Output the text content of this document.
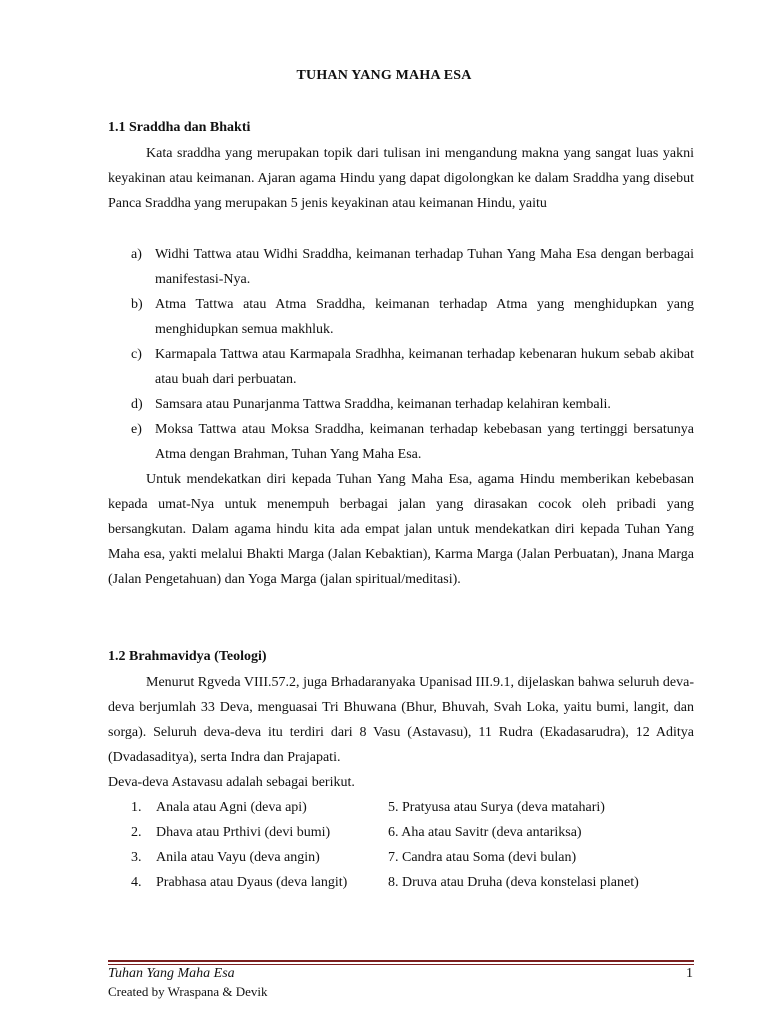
TUHAN YANG MAHA ESA
1.1 Sraddha dan Bhakti

Kata sraddha yang merupakan topik dari tulisan ini mengandung makna yang sangat luas yakni keyakinan atau keimanan. Ajaran agama Hindu yang dapat digolongkan ke dalam Sraddha yang disebut Panca Sraddha yang merupakan 5 jenis keyakinan atau keimanan Hindu, yaitu

a) Widhi Tattwa atau Widhi Sraddha, keimanan terhadap Tuhan Yang Maha Esa dengan berbagai manifestasi-Nya.
b) Atma Tattwa atau Atma Sraddha, keimanan terhadap Atma yang menghidupkan yang menghidupkan semua makhluk.
c) Karmapala Tattwa atau Karmapala Sradhha, keimanan terhadap kebenaran hukum sebab akibat atau buah dari perbuatan.
d) Samsara atau Punarjanma Tattwa Sraddha, keimanan terhadap kelahiran kembali.
e) Moksa Tattwa atau Moksa Sraddha, keimanan terhadap kebebasan yang tertinggi bersatunya Atma dengan Brahman, Tuhan Yang Maha Esa.

Untuk mendekatkan diri kepada Tuhan Yang Maha Esa, agama Hindu memberikan kebebasan kepada umat-Nya untuk menempuh berbagai jalan yang dirasakan cocok oleh pribadi yang bersangkutan. Dalam agama hindu kita ada empat jalan untuk mendekatkan diri kepada Tuhan Yang Maha esa, yakti melalui Bhakti Marga (Jalan Kebaktian), Karma Marga (Jalan Perbuatan), Jnana Marga (Jalan Pengetahuan) dan Yoga Marga (jalan spiritual/meditasi).

1.2 Brahmavidya (Teologi)

Menurut Rgveda VIII.57.2, juga Brhadaranyaka Upanisad III.9.1, dijelaskan bahwa seluruh deva-deva berjumlah 33 Deva, menguasai Tri Bhuwana (Bhur, Bhuvah, Svah Loka, yaitu bumi, langit, dan sorga). Seluruh deva-deva itu terdiri dari 8 Vasu (Astavasu), 11 Rudra (Ekadasarudra), 12 Aditya (Dvadasaditya), serta Indra dan Prajapati.

Deva-deva Astavasu adalah sebagai berikut.

1. Anala atau Agni (deva api)	5. Pratyusa atau Surya (deva matahari)
2. Dhava atau Prthivi (devi bumi)	6. Aha atau Savitr (deva antariksa)
3. Anila atau Vayu (deva angin)	7. Candra atau Soma (devi bulan)
4. Prabhasa atau Dyaus (deva langit)	8. Druva atau Druha (deva konstelasi planet)
Tuhan Yang Maha Esa	1
Created by Wraspana & Devik
